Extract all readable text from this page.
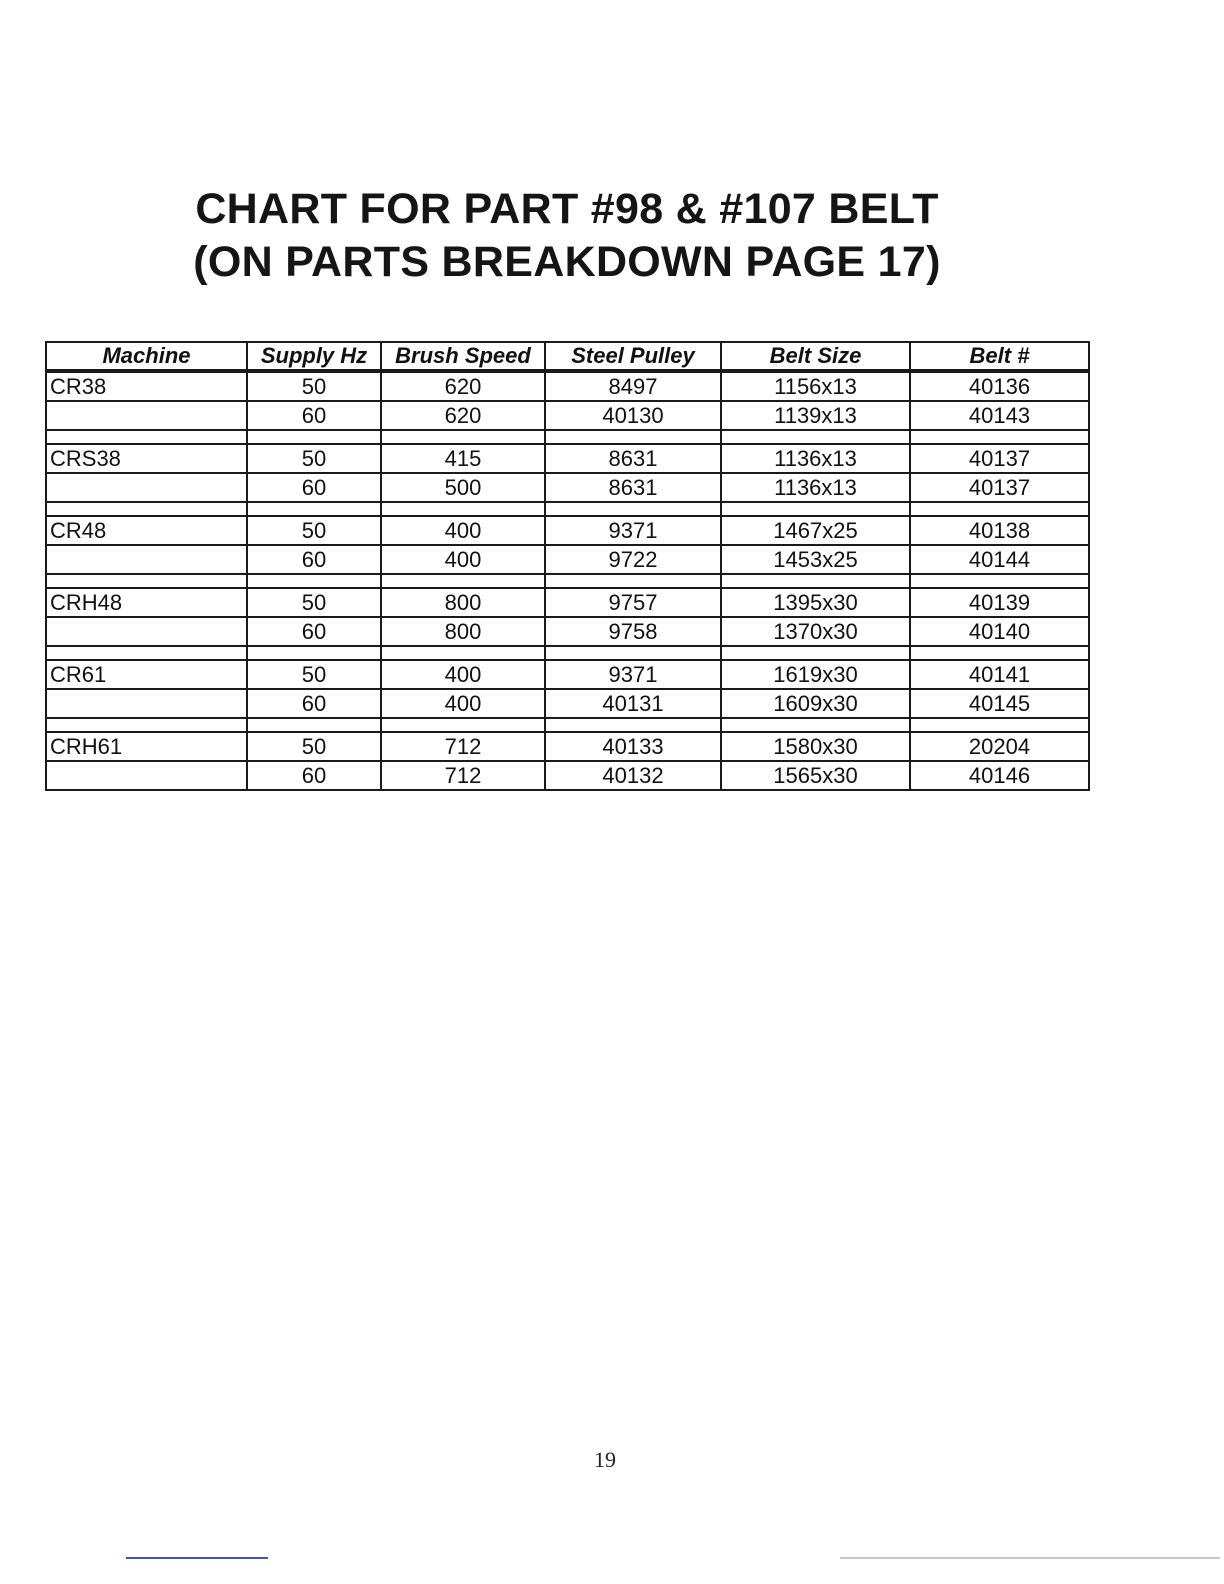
CHART FOR PART #98 & #107 BELT
(ON PARTS BREAKDOWN PAGE 17)
Machine	Supply Hz	Brush Speed	Steel Pulley	Belt Size	Belt #
CR38	50	620	8497	1156x13	40136
	60	620	40130	1139x13	40143

CRS38	50	415	8631	1136x13	40137
	60	500	8631	1136x13	40137

CR48	50	400	9371	1467x25	40138
	60	400	9722	1453x25	40144

CRH48	50	800	9757	1395x30	40139
	60	800	9758	1370x30	40140

CR61	50	400	9371	1619x30	40141
	60	400	40131	1609x30	40145

CRH61	50	712	40133	1580x30	20204
	60	712	40132	1565x30	40146
19
